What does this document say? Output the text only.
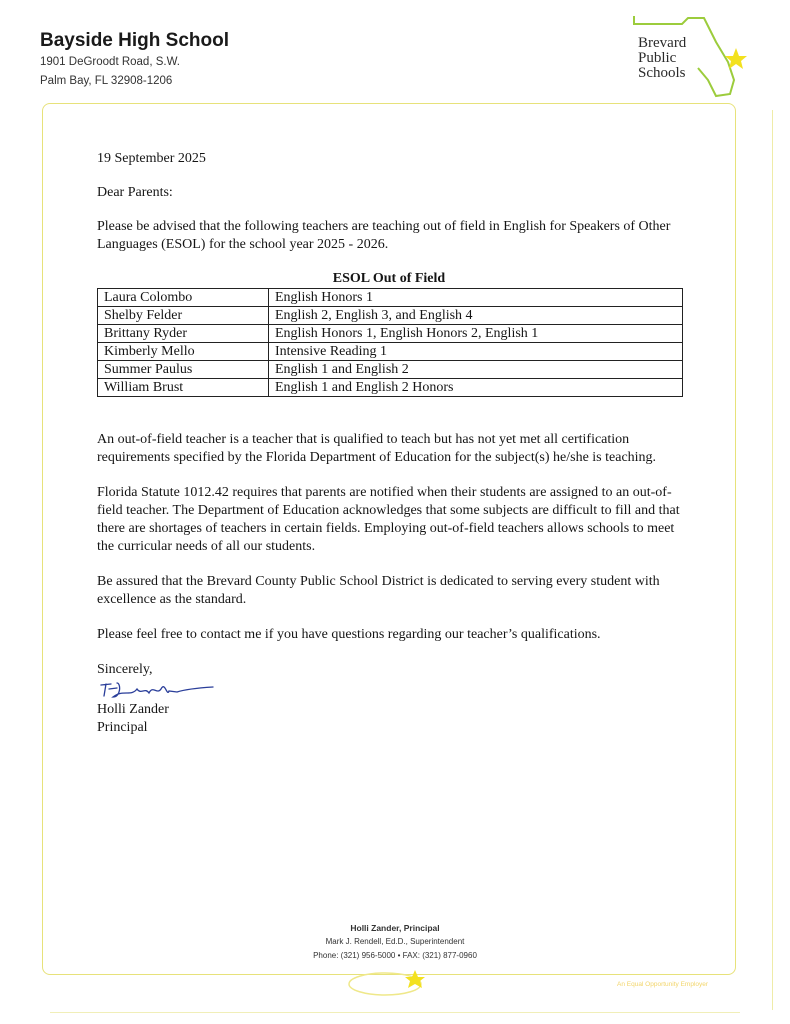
Bayside High School
1901 DeGroodt Road, S.W.
Palm Bay, FL 32908-1206
Brevard
Public
Schools

19 September 2025

Dear Parents:

Please be advised that the following teachers are teaching out of field in English for Speakers of Other Languages (ESOL) for the school year 2025 - 2026.

ESOL Out of Field
Laura Colombo	English Honors 1
Shelby Felder	English 2, English 3, and English 4
Brittany Ryder	English Honors 1, English Honors 2, English 1
Kimberly Mello	Intensive Reading 1
Summer Paulus	English 1 and English 2
William Brust	English 1 and English 2 Honors

An out-of-field teacher is a teacher that is qualified to teach but has not yet met all certification requirements specified by the Florida Department of Education for the subject(s) he/she is teaching.

Florida Statute 1012.42 requires that parents are notified when their students are assigned to an out-of-field teacher. The Department of Education acknowledges that some subjects are difficult to fill and that there are shortages of teachers in certain fields. Employing out-of-field teachers allows schools to meet the curricular needs of all our students.

Be assured that the Brevard County Public School District is dedicated to serving every student with excellence as the standard.

Please feel free to contact me if you have questions regarding our teacher’s qualifications.

Sincerely,

Holli Zander

Principal

Holli Zander, Principal
Mark J. Rendell, Ed.D., Superintendent
Phone: (321) 956-5000 • FAX: (321) 877-0960
An Equal Opportunity Employer
